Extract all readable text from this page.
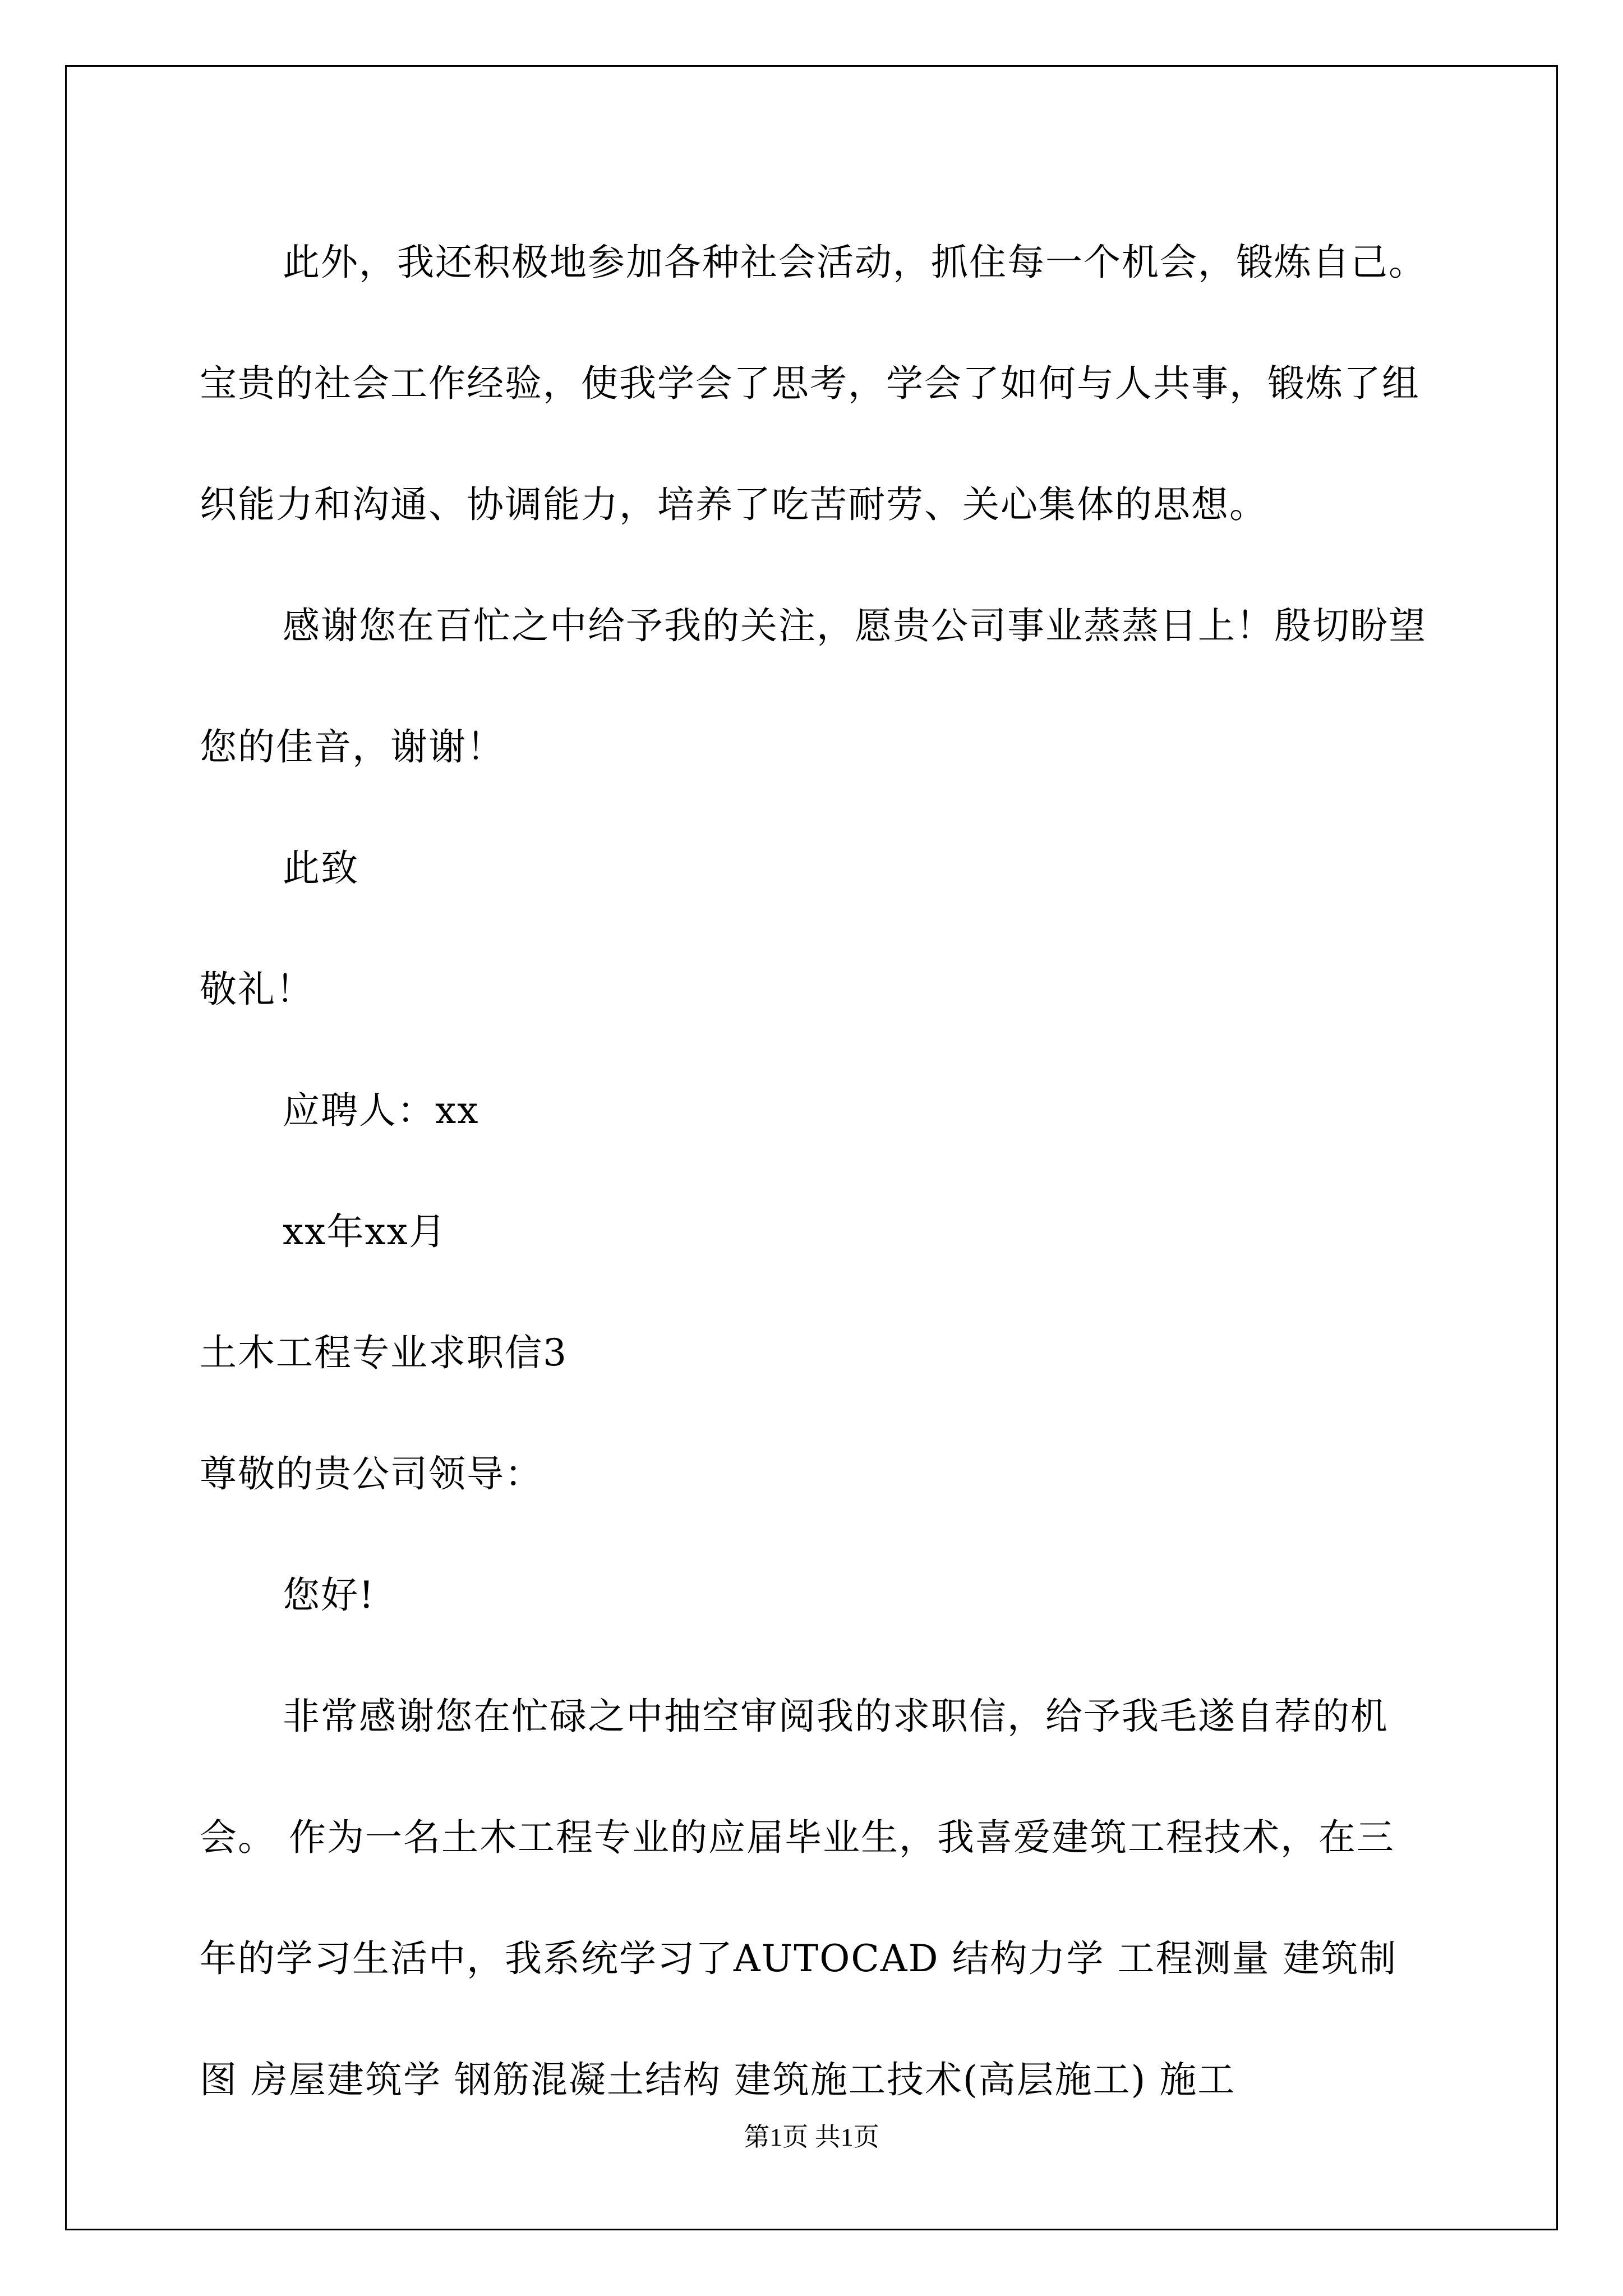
此外，我还积极地参加各种社会活动，抓住每一个机会，锻炼自己。宝贵的社会工作经验，使我学会了思考，学会了如何与人共事，锻炼了组织能力和沟通、协调能力，培养了吃苦耐劳、关心集体的思想。

感谢您在百忙之中给予我的关注，愿贵公司事业蒸蒸日上！殷切盼望您的佳音，谢谢！

此致

敬礼！

应聘人：xx

xx年xx月

土木工程专业求职信3

尊敬的贵公司领导：

您好!

非常感谢您在忙碌之中抽空审阅我的求职信，给予我毛遂自荐的机会。 作为一名土木工程专业的应届毕业生，我喜爱建筑工程技术，在三年的学习生活中，我系统学习了AUTOCAD 结构力学 工程测量 建筑制图 房屋建筑学 钢筋混凝土结构 建筑施工技术(高层施工) 施工

第1页 共1页
